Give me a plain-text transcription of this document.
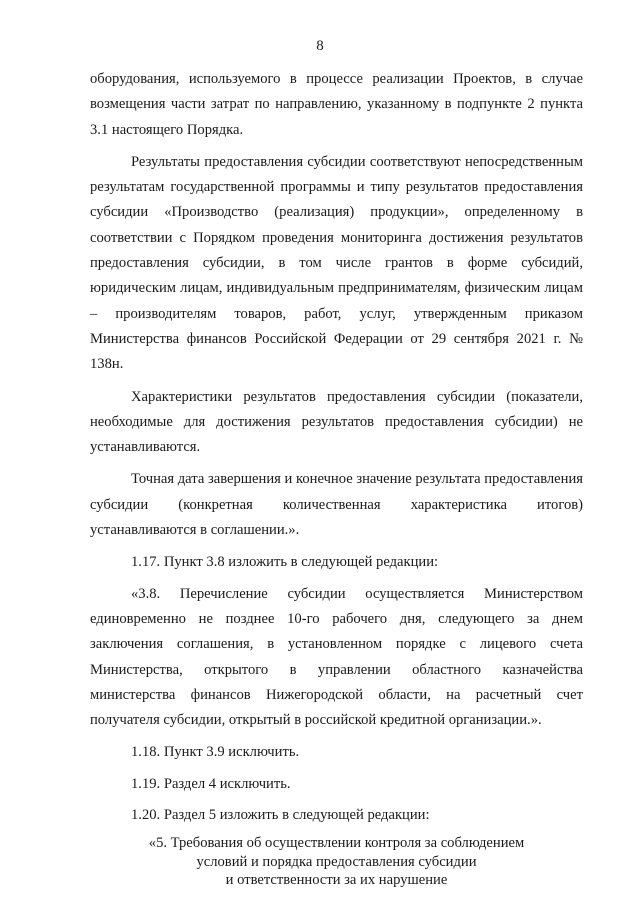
8

оборудования, используемого в процессе реализации Проектов, в случае возмещения части затрат по направлению, указанному в подпункте 2 пункта 3.1 настоящего Порядка.

Результаты предоставления субсидии соответствуют непосредственным результатам государственной программы и типу результатов предоставления субсидии «Производство (реализация) продукции», определенному в соответствии с Порядком проведения мониторинга достижения результатов предоставления субсидии, в том числе грантов в форме субсидий, юридическим лицам, индивидуальным предпринимателям, физическим лицам – производителям товаров, работ, услуг, утвержденным приказом Министерства финансов Российской Федерации от 29 сентября 2021 г. № 138н.

Характеристики результатов предоставления субсидии (показатели, необходимые для достижения результатов предоставления субсидии) не устанавливаются.

Точная дата завершения и конечное значение результата предоставления субсидии (конкретная количественная характеристика итогов) устанавливаются в соглашении.».

1.17. Пункт 3.8 изложить в следующей редакции:

«3.8. Перечисление субсидии осуществляется Министерством единовременно не позднее 10-го рабочего дня, следующего за днем заключения соглашения, в установленном порядке с лицевого счета Министерства, открытого в управлении областного казначейства министерства финансов Нижегородской области, на расчетный счет получателя субсидии, открытый в российской кредитной организации.».

1.18. Пункт 3.9 исключить.

1.19. Раздел 4 исключить.

1.20. Раздел 5 изложить в следующей редакции:

«5. Требования об осуществлении контроля за соблюдением
условий и порядка предоставления субсидии
и ответственности за их нарушение
